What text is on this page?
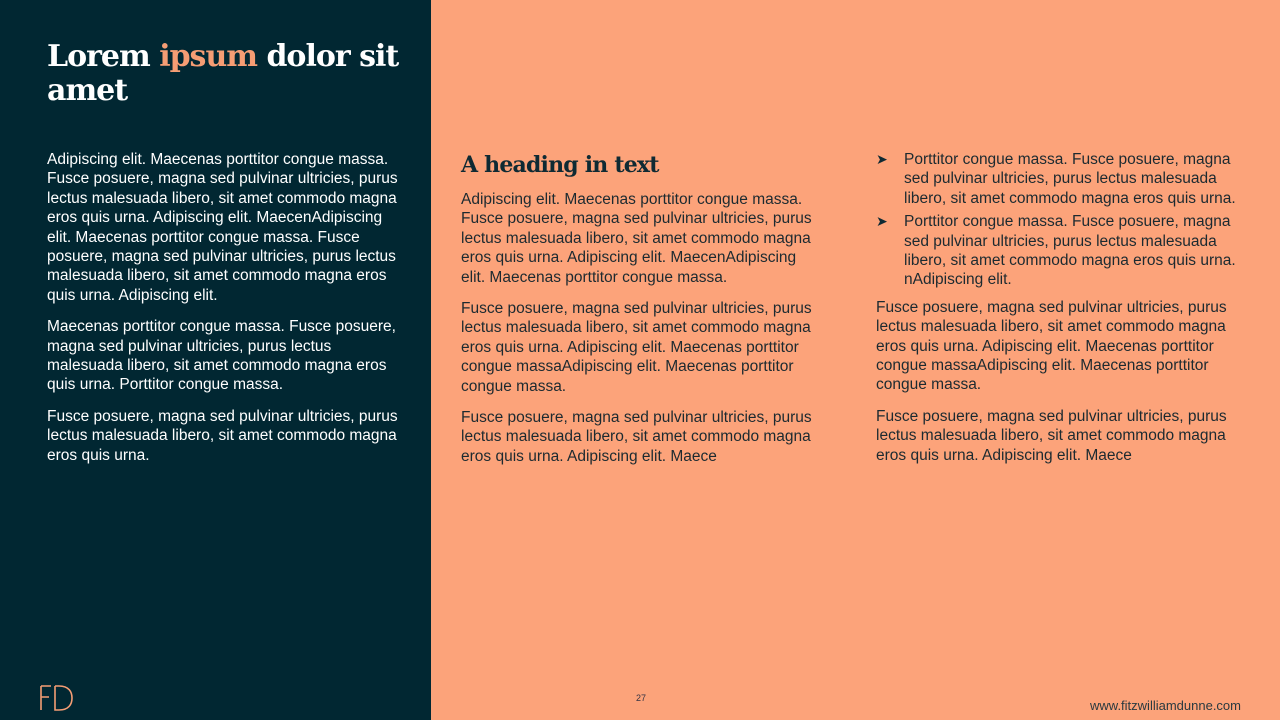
Lorem ipsum dolor sit amet

Adipiscing elit. Maecenas porttitor congue massa. Fusce posuere, magna sed pulvinar ultricies, purus lectus malesuada libero, sit amet commodo magna eros quis urna. Adipiscing elit. MaecenAdipiscing elit. Maecenas porttitor congue massa. Fusce posuere, magna sed pulvinar ultricies, purus lectus malesuada libero, sit amet commodo magna eros quis urna. Adipiscing elit.

Maecenas porttitor congue massa. Fusce posuere, magna sed pulvinar ultricies, purus lectus malesuada libero, sit amet commodo magna eros quis urna. Porttitor congue massa.

Fusce posuere, magna sed pulvinar ultricies, purus lectus malesuada libero, sit amet commodo magna eros quis urna.

A heading in text

Adipiscing elit. Maecenas porttitor congue massa. Fusce posuere, magna sed pulvinar ultricies, purus lectus malesuada libero, sit amet commodo magna eros quis urna. Adipiscing elit. MaecenAdipiscing elit. Maecenas porttitor congue massa.

Fusce posuere, magna sed pulvinar ultricies, purus lectus malesuada libero, sit amet commodo magna eros quis urna. Adipiscing elit. Maecenas porttitor congue massaAdipiscing elit. Maecenas porttitor congue massa.

Fusce posuere, magna sed pulvinar ultricies, purus lectus malesuada libero, sit amet commodo magna eros quis urna. Adipiscing elit. Maece

➤ Porttitor congue massa. Fusce posuere, magna sed pulvinar ultricies, purus lectus malesuada libero, sit amet commodo magna eros quis urna.
➤ Porttitor congue massa. Fusce posuere, magna sed pulvinar ultricies, purus lectus malesuada libero, sit amet commodo magna eros quis urna. nAdipiscing elit.

Fusce posuere, magna sed pulvinar ultricies, purus lectus malesuada libero, sit amet commodo magna eros quis urna. Adipiscing elit. Maecenas porttitor congue massaAdipiscing elit. Maecenas porttitor congue massa.

Fusce posuere, magna sed pulvinar ultricies, purus lectus malesuada libero, sit amet commodo magna eros quis urna. Adipiscing elit. Maece

27	www.fitzwilliamdunne.com
